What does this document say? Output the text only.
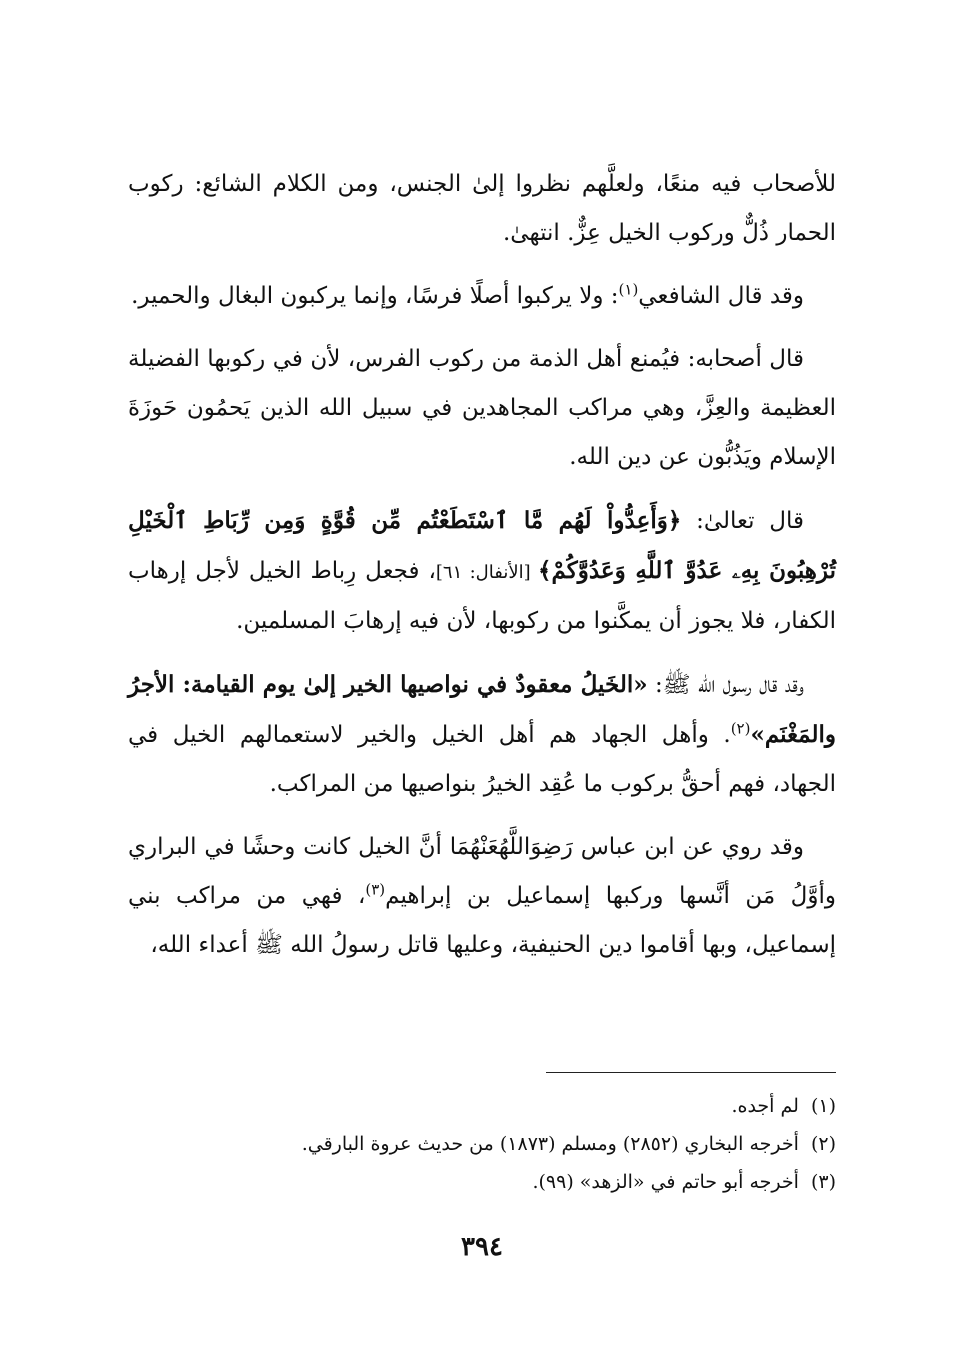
للأصحاب فيه منعًا، ولعلَّهم نظروا إلىٰ الجنس، ومن الكلام الشائع: ركوب الحمار ذُلٌّ وركوب الخيل عِزٌّ. انتهىٰ.

وقد قال الشافعي$^{(١)}$: ولا يركبوا أصلًا فرسًا، وإنما يركبون البغال والحمير.

قال أصحابه: فيُمنع أهل الذمة من ركوب الفرس، لأن في ركوبها الفضيلة العظيمة والعِزَّ، وهي مراكب المجاهدين في سبيل الله الذين يَحمُون حَوزَةَ الإسلام ويَذُبُّون عن دين الله.

قال تعالىٰ: ﴿وَأَعِدُّواْ لَهُم مَّا ٱسْتَطَعْتُم مِّن قُوَّةٍ وَمِن رِّبَاطِ ٱلْخَيْلِ تُرْهِبُونَ بِهِۦ عَدُوَّ ٱللَّهِ وَعَدُوَّكُمْ﴾ [الأنفال: ٦١]، فجعل رِباط الخيل لأجل إرهاب الكفار، فلا يجوز أن يمكَّنوا من ركوبها، لأن فيه إرهابَ المسلمين.

وقد قال رسول الله ﷺ: «الخَيلُ معقودٌ في نواصيها الخير إلىٰ يوم القيامة: الأجرُ والمَغْنَم»$^{(٢)}$. وأهل الجهاد هم أهل الخيل والخير لاستعمالهم الخيل في الجهاد، فهم أحقُّ بركوب ما عُقِد الخيرُ بنواصيها من المراكب.

وقد روي عن ابن عباس رَضِوَاللَّهُعَنْهُمَا أنَّ الخيل كانت وحشًا في البراري وأوَّلُ مَن أنَّسها وركبها إسماعيل بن إبراهيم$^{(٣)}$، فهي من مراكب بني إسماعيل، وبها أقاموا دين الحنيفية، وعليها قاتل رسولُ الله ﷺ أعداء الله،

(١)لم أجده.

(٢)أخرجه البخاري (٢٨٥٢) ومسلم (١٨٧٣) من حديث عروة البارقي.

(٣)أخرجه أبو حاتم في «الزهد» (٩٩).

٣٩٤
